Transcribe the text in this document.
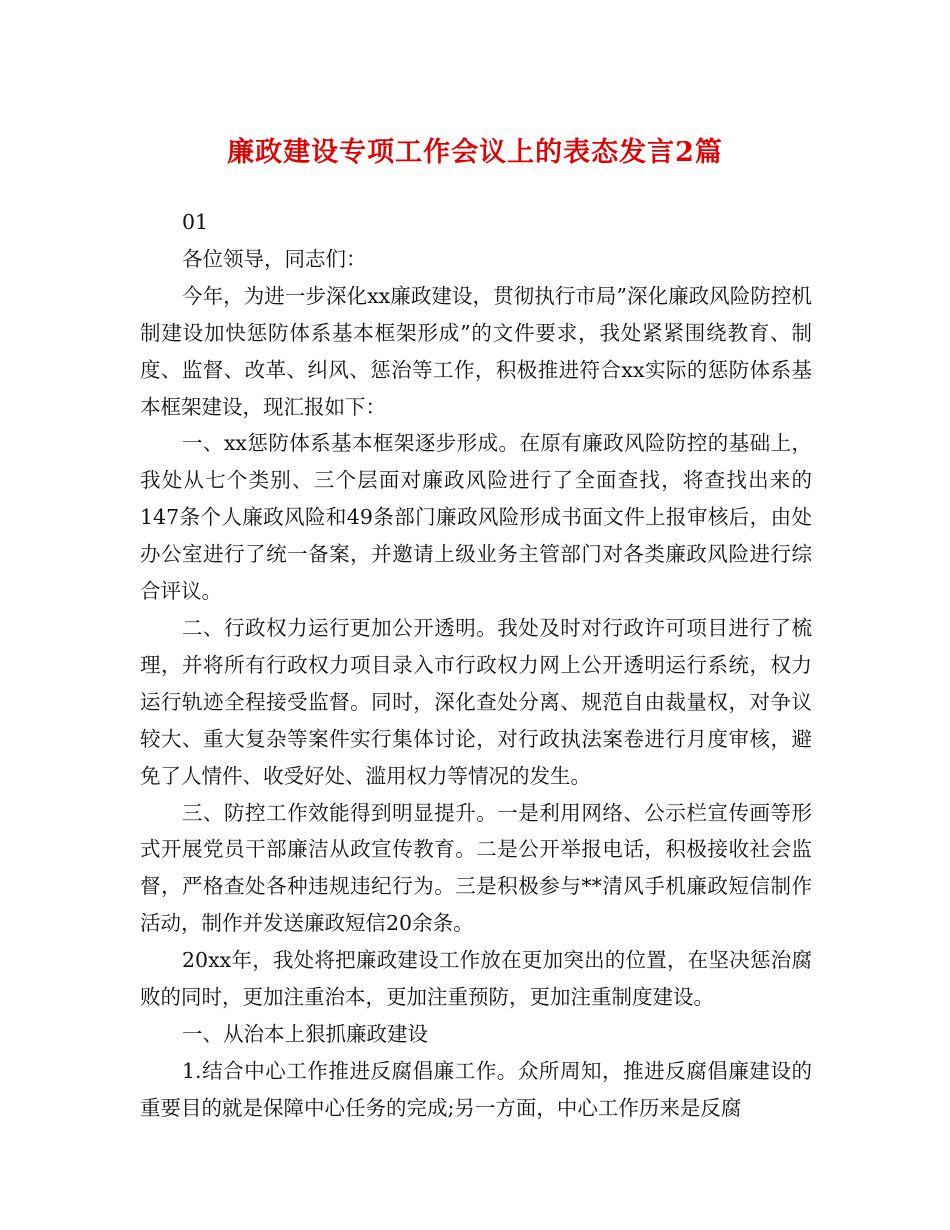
廉政建设专项工作会议上的表态发言2篇

01

各位领导，同志们：

今年，为进一步深化xx廉政建设，贯彻执行市局”深化廉政风险防控机制建设加快惩防体系基本框架形成”的文件要求，我处紧紧围绕教育、制度、监督、改革、纠风、惩治等工作，积极推进符合xx实际的惩防体系基本框架建设，现汇报如下：

一、xx惩防体系基本框架逐步形成。在原有廉政风险防控的基础上，我处从七个类别、三个层面对廉政风险进行了全面查找，将查找出来的147条个人廉政风险和49条部门廉政风险形成书面文件上报审核后，由处办公室进行了统一备案，并邀请上级业务主管部门对各类廉政风险进行综合评议。

二、行政权力运行更加公开透明。我处及时对行政许可项目进行了梳理，并将所有行政权力项目录入市行政权力网上公开透明运行系统，权力运行轨迹全程接受监督。同时，深化查处分离、规范自由裁量权，对争议较大、重大复杂等案件实行集体讨论，对行政执法案卷进行月度审核，避免了人情件、收受好处、滥用权力等情况的发生。

三、防控工作效能得到明显提升。一是利用网络、公示栏宣传画等形式开展党员干部廉洁从政宣传教育。二是公开举报电话，积极接收社会监督，严格查处各种违规违纪行为。三是积极参与**清风手机廉政短信制作活动，制作并发送廉政短信20余条。

20xx年，我处将把廉政建设工作放在更加突出的位置，在坚决惩治腐败的同时，更加注重治本，更加注重预防，更加注重制度建设。

一、从治本上狠抓廉政建设

1.结合中心工作推进反腐倡廉工作。众所周知，推进反腐倡廉建设的重要目的就是保障中心任务的完成;另一方面，中心工作历来是反腐
